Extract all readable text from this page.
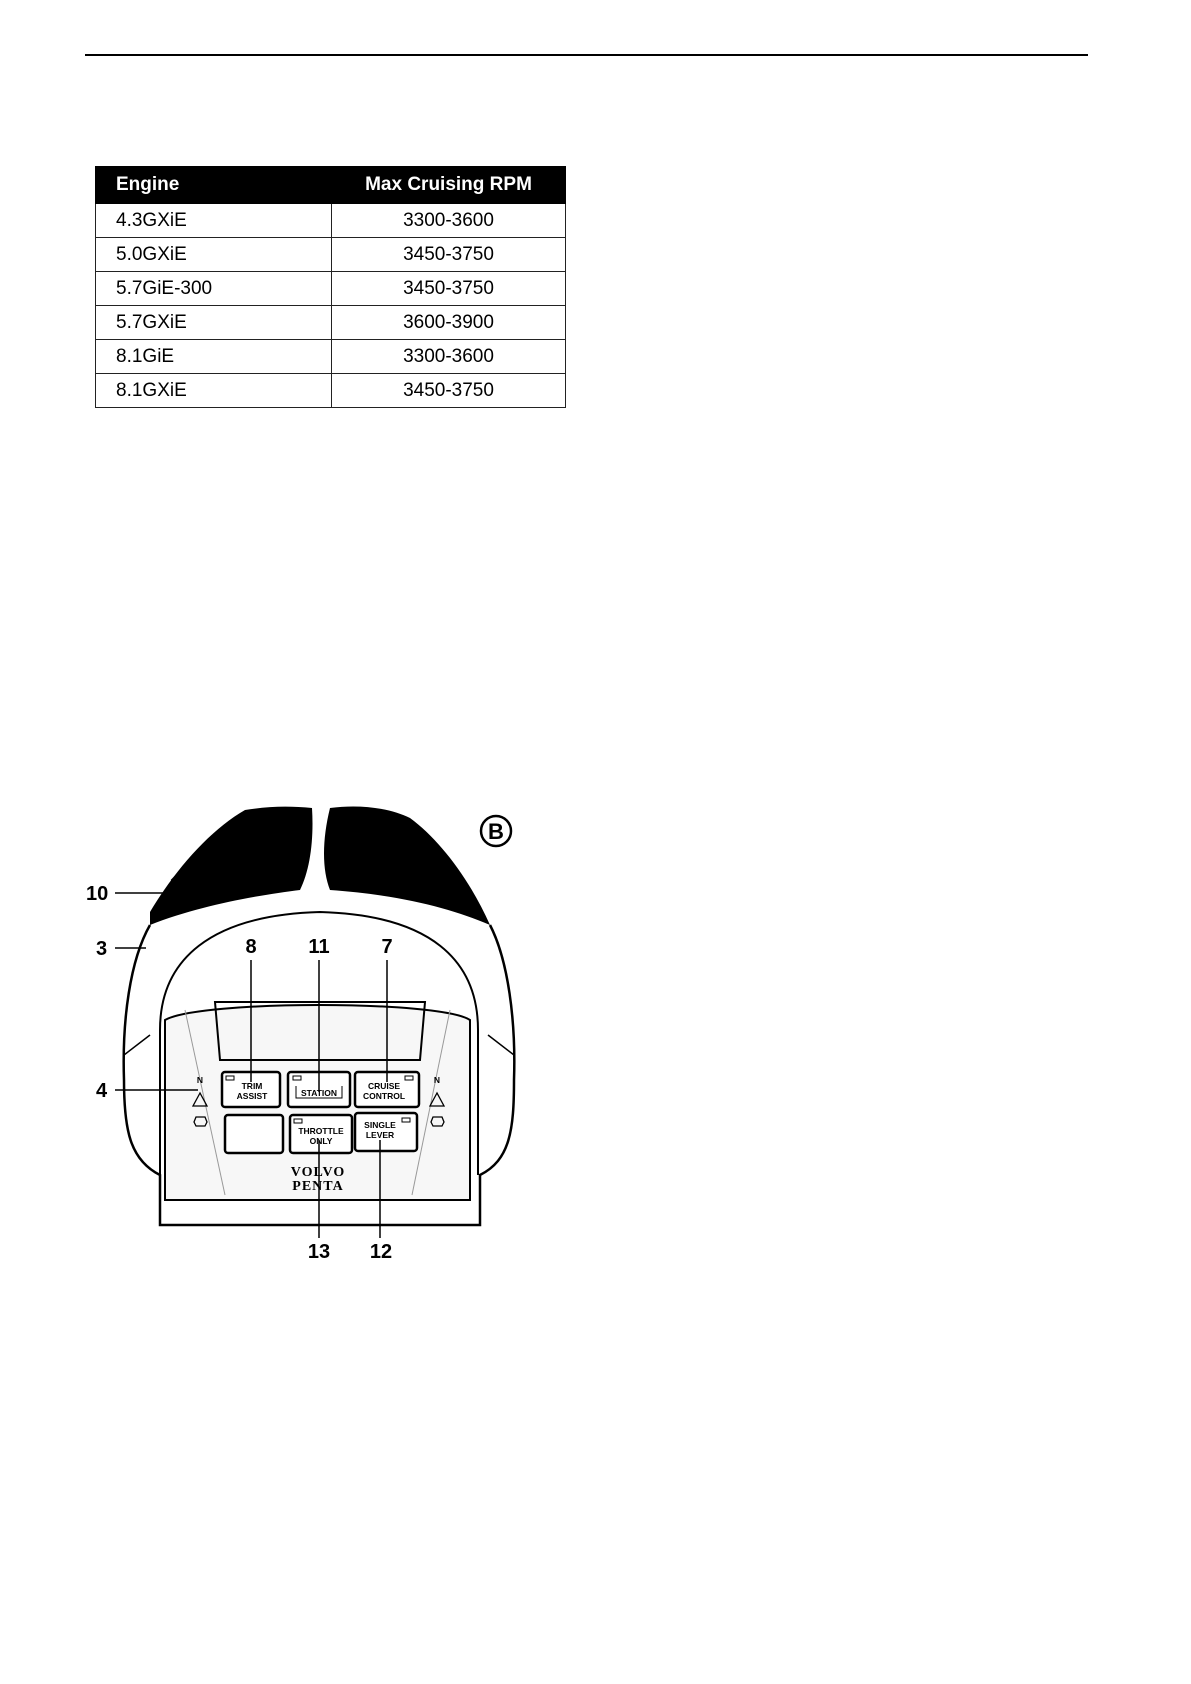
Engine	Max Cruising RPM
4.3GXiE	3300-3600
5.0GXiE	3450-3750
5.7GiE-300	3450-3750
5.7GXiE	3600-3900
8.1GiE	3300-3600
8.1GXiE	3450-3750
TRIM
ASSIST	STATION
CRUISE
CONTROL
THROTTLE
ONLY
SINGLE
LEVER
N	N
VOLVO
PENTA
B
10
3
4
8	11	7
13 12
